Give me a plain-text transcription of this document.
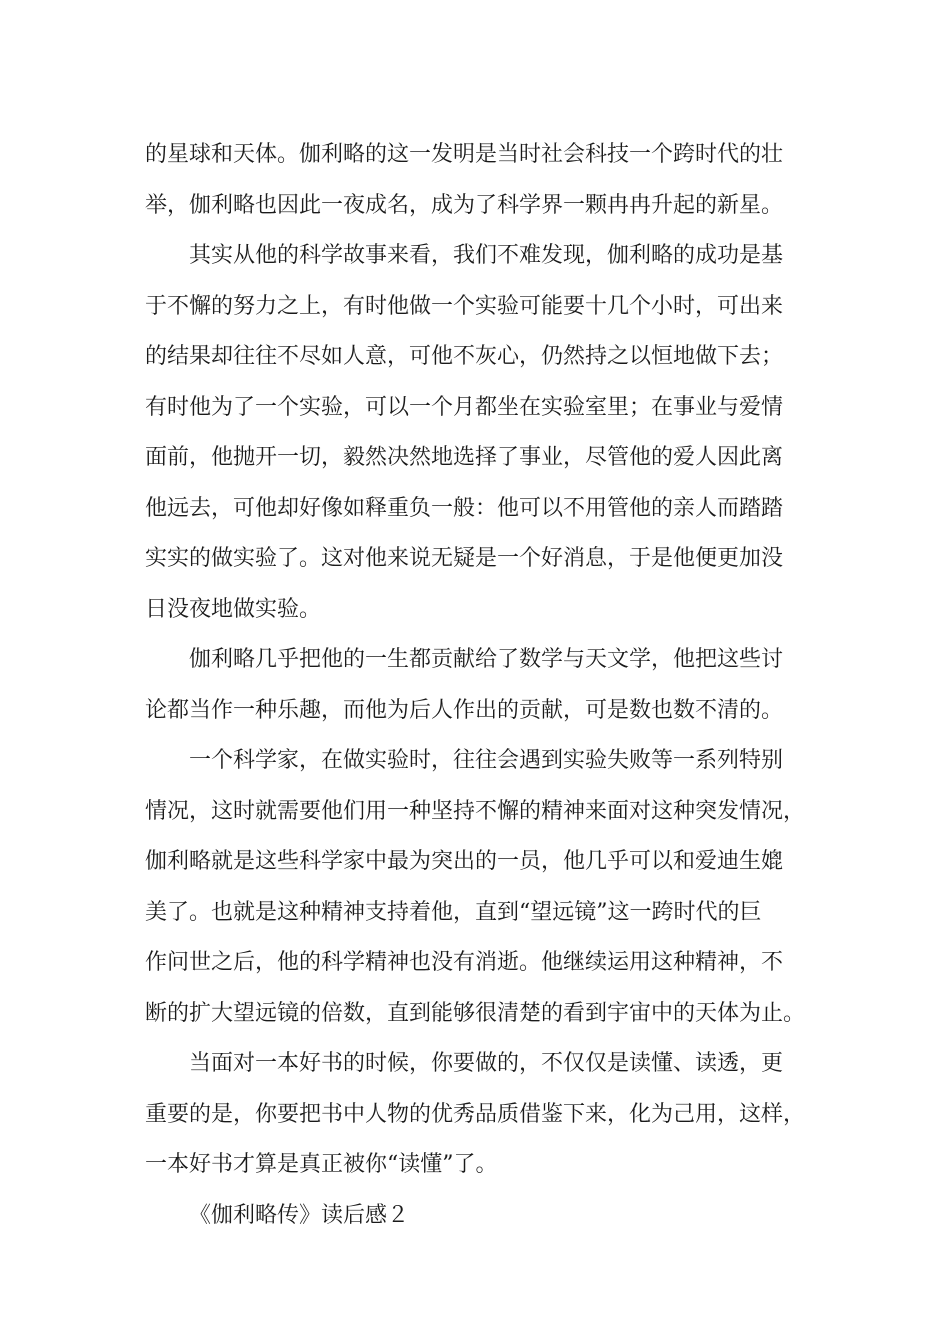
的星球和天体。伽利略的这一发明是当时社会科技一个跨时代的壮
举，伽利略也因此一夜成名，成为了科学界一颗冉冉升起的新星。
其实从他的科学故事来看，我们不难发现，伽利略的成功是基
于不懈的努力之上，有时他做一个实验可能要十几个小时，可出来
的结果却往往不尽如人意，可他不灰心，仍然持之以恒地做下去；
有时他为了一个实验，可以一个月都坐在实验室里；在事业与爱情
面前，他抛开一切，毅然决然地选择了事业，尽管他的爱人因此离
他远去，可他却好像如释重负一般：他可以不用管他的亲人而踏踏
实实的做实验了。这对他来说无疑是一个好消息，于是他便更加没
日没夜地做实验。
伽利略几乎把他的一生都贡献给了数学与天文学，他把这些讨
论都当作一种乐趣，而他为后人作出的贡献，可是数也数不清的。
一个科学家，在做实验时，往往会遇到实验失败等一系列特别
情况，这时就需要他们用一种坚持不懈的精神来面对这种突发情况，
伽利略就是这些科学家中最为突出的一员，他几乎可以和爱迪生媲
美了。也就是这种精神支持着他，直到“望远镜”这一跨时代的巨
作问世之后，他的科学精神也没有消逝。他继续运用这种精神，不
断的扩大望远镜的倍数，直到能够很清楚的看到宇宙中的天体为止。
当面对一本好书的时候，你要做的，不仅仅是读懂、读透，更
重要的是，你要把书中人物的优秀品质借鉴下来，化为己用，这样，
一本好书才算是真正被你“读懂”了。
《伽利略传》读后感２
